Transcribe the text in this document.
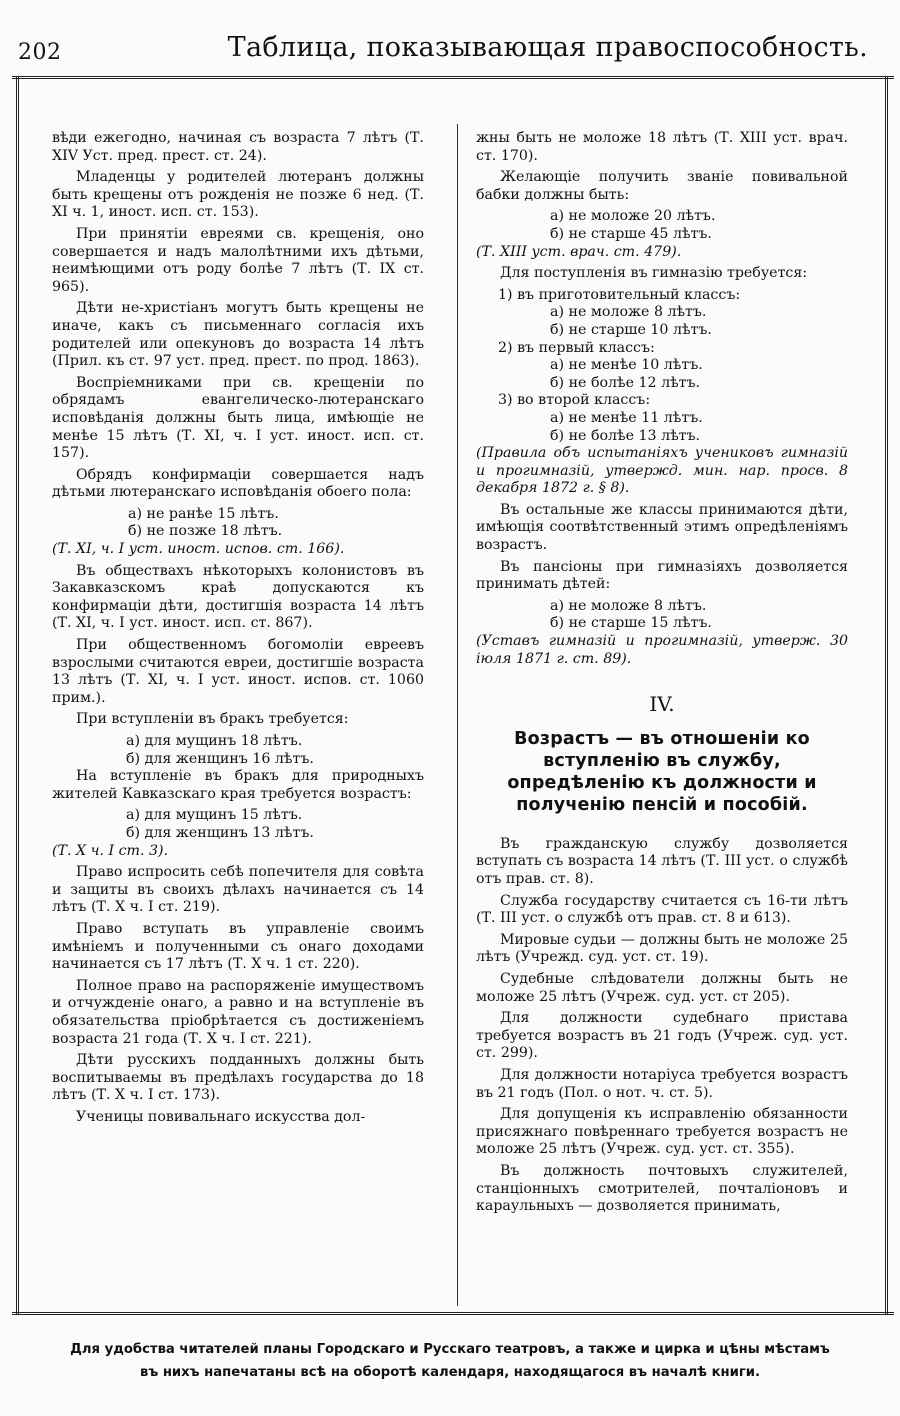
202	Таблица, показывающая правоспособность.

вѣди ежегодно, начиная съ возраста 7 лѣтъ (Т. XIV Уст. пред. прест. ст. 24).

Младенцы у родителей лютеранъ должны быть крещены отъ рожденія не позже 6 нед. (Т. XI ч. 1, иност. исп. ст. 153).

При принятіи евреями св. крещенія, оно совершается и надъ малолѣтними ихъ дѣтьми, неимѣющими отъ роду болѣе 7 лѣтъ (Т. IX ст. 965).

Дѣти не-христіанъ могутъ быть крещены не иначе, какъ съ письменнаго согласія ихъ родителей или опекуновъ до возраста 14 лѣтъ (Прил. къ ст. 97 уст. пред. прест. по прод. 1863).

Воспріемниками при св. крещеніи по обрядамъ евангелическо-лютеранскаго исповѣданія должны быть лица, имѣющіе не менѣе 15 лѣтъ (Т. XI, ч. I уст. иност. исп. ст. 157).

Обрядъ конфирмаціи совершается надъ дѣтьми лютеранскаго исповѣданія обоего пола:

а) не ранѣе 15 лѣтъ.

б) не позже 18 лѣтъ.

(Т. XI, ч. I уст. иност. испов. ст. 166).

Въ обществахъ нѣкоторыхъ колонистовъ въ Закавказскомъ краѣ допускаются къ конфирмаціи дѣти, достигшія возраста 14 лѣтъ (Т. XI, ч. I уст. иност. исп. ст. 867).

При общественномъ богомоліи евреевъ взрослыми считаются евреи, достигшіе возраста 13 лѣтъ (Т. XI, ч. I уст. иност. испов. ст. 1060 прим.).

При вступленіи въ бракъ требуется:

а) для мущинъ 18 лѣтъ.

б) для женщинъ 16 лѣтъ.

На вступленіе въ бракъ для природныхъ жителей Кавказскаго края требуется возрастъ:

а) для мущинъ 15 лѣтъ.

б) для женщинъ 13 лѣтъ.

(Т. X ч. I ст. 3).

Право испросить себѣ попечителя для совѣта и защиты въ своихъ дѣлахъ начинается съ 14 лѣтъ (Т. X ч. I ст. 219).

Право вступать въ управленіе своимъ имѣніемъ и полученными съ онаго доходами начинается съ 17 лѣтъ (Т. X ч. 1 ст. 220).

Полное право на распоряженіе имуществомъ и отчужденіе онаго, а равно и на вступленіе въ обязательства пріобрѣтается съ достиженіемъ возраста 21 года (Т. X ч. I ст. 221).

Дѣти русскихъ подданныхъ должны быть воспитываемы въ предѣлахъ государства до 18 лѣтъ (Т. X ч. I ст. 173).

Ученицы повивальнаго искусства дол-

жны быть не моложе 18 лѣтъ (Т. XIII уст. врач. ст. 170).

Желающіе получить званіе повивальной бабки должны быть:

а) не моложе 20 лѣтъ.

б) не старше 45 лѣтъ.

(Т. XIII уст. врач. ст. 479).

Для поступленія въ гимназію требуется:

1) въ приготовительный классъ:

а) не моложе 8 лѣтъ.

б) не старше 10 лѣтъ.

2) въ первый классъ:

а) не менѣе 10 лѣтъ.

б) не болѣе 12 лѣтъ.

3) во второй классъ:

а) не менѣе 11 лѣтъ.

б) не болѣе 13 лѣтъ.

(Правила объ испытаніяхъ учениковъ гимназій и прогимназій, утвержд. мин. нар. просв. 8 декабря 1872 г. § 8).

Въ остальные же классы принимаются дѣти, имѣющія соотвѣтственный этимъ опредѣленіямъ возрастъ.

Въ пансіоны при гимназіяхъ дозволяется принимать дѣтей:

а) не моложе 8 лѣтъ.

б) не старше 15 лѣтъ.

(Уставъ гимназій и прогимназій, утверж. 30 іюля 1871 г. ст. 89).

IV.
Возрастъ — въ отношеніи ко вступленію въ службу, опредѣленію къ должности и полученію пенсій и пособій.

Въ гражданскую службу дозволяется вступать съ возраста 14 лѣтъ (Т. III уст. о службѣ отъ прав. ст. 8).

Служба государству считается съ 16-ти лѣтъ (Т. III уст. о службѣ отъ прав. ст. 8 и 613).

Мировые судьи — должны быть не моложе 25 лѣтъ (Учрежд. суд. уст. ст. 19).

Судебные слѣдователи должны быть не моложе 25 лѣтъ (Учреж. суд. уст. ст 205).

Для должности судебнаго пристава требуется возрастъ въ 21 годъ (Учреж. суд. уст. ст. 299).

Для должности нотаріуса требуется возрастъ въ 21 годъ (Пол. о нот. ч. ст. 5).

Для допущенія къ исправленію обязанности присяжнаго повѣреннаго требуется возрастъ не моложе 25 лѣтъ (Учреж. суд. уст. ст. 355).

Въ должность почтовыхъ служителей, станціонныхъ смотрителей, почталіоновъ и караульныхъ — дозволяется принимать,

Для удобства читателей планы Городскаго и Русскаго театровъ, а также и цирка и цѣны мѣстамъ
въ нихъ напечатаны всѣ на оборотѣ календаря, находящагося въ началѣ книги.
